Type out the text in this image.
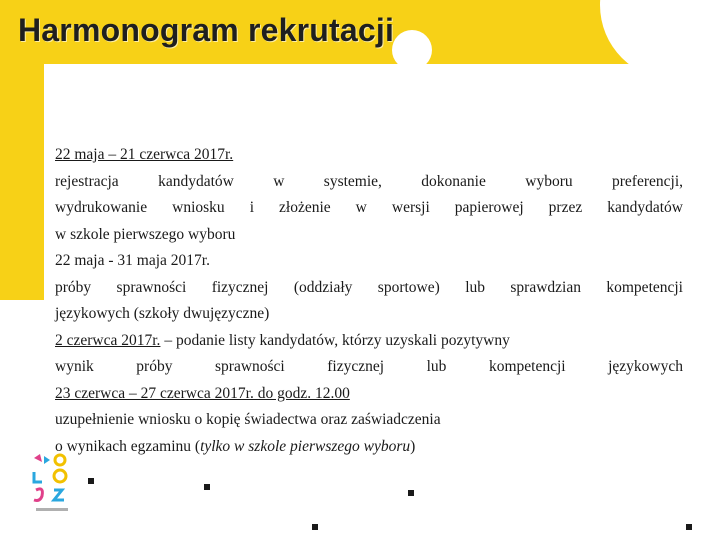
Harmonogram rekrutacji
22 maja – 21 czerwca 2017r.
rejestracja kandydatów w systemie, dokonanie wyboru preferencji,
wydrukowanie wniosku i złożenie w wersji papierowej przez kandydatów
w szkole pierwszego wyboru
22 maja - 31 maja 2017r.
próby sprawności fizycznej (oddziały sportowe) lub sprawdzian kompetencji
językowych (szkoły dwujęzyczne)
2 czerwca 2017r. – podanie listy kandydatów, którzy uzyskali pozytywny
wynik próby sprawności fizycznej lub kompetencji językowych
23 czerwca – 27 czerwca 2017r. do godz. 12.00
uzupełnienie wniosku o kopię świadectwa oraz zaświadczenia
o wynikach egzaminu (tylko w szkole pierwszego wyboru)
